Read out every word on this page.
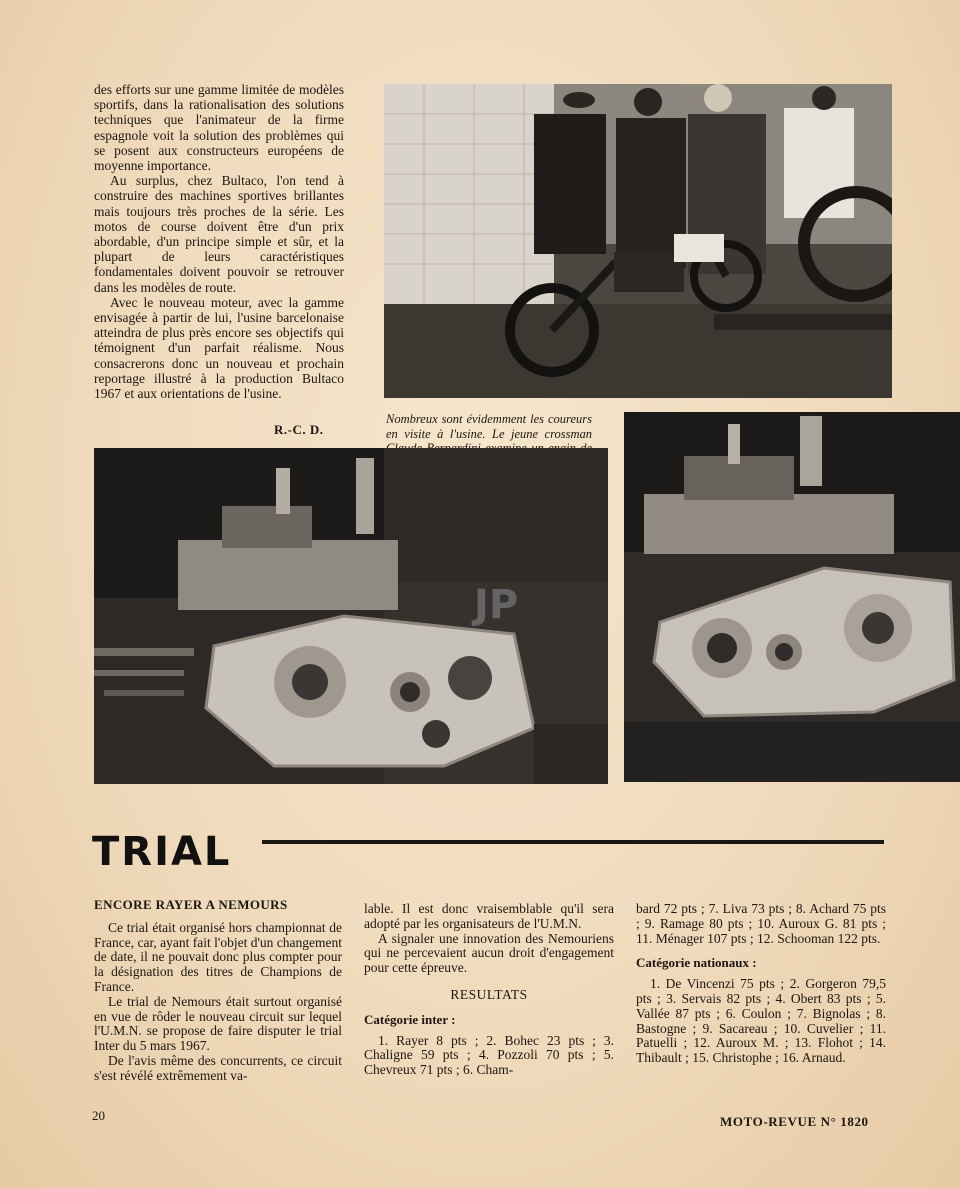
des efforts sur une gamme limitée de modèles sportifs, dans la rationalisation des solutions techniques que l'animateur de la firme espagnole voit la solution des problèmes qui se posent aux constructeurs européens de moyenne importance.

Au surplus, chez Bultaco, l'on tend à construire des machines sportives brillantes mais toujours très proches de la série. Les motos de course doivent être d'un prix abordable, d'un principe simple et sûr, et la plupart de leurs caractéristiques fondamentales doivent pouvoir se retrouver dans les modèles de route.

Avec le nouveau moteur, avec la gamme envisagée à partir de lui, l'usine barcelonaise atteindra de plus près encore ses objectifs qui témoignent d'un parfait réalisme. Nous consacrerons donc un nouveau et prochain reportage illustré à la production Bultaco 1967 et aux orientations de l'usine.

R.-C. D.

Nombreux sont évidemment les coureurs en visite à l'usine. Le jeune crossman

JP
TRIAL
ENCORE RAYER A NEMOURS

Ce trial était organisé hors championnat de France, car, ayant fait l'objet d'un changement de date, il ne pouvait donc plus compter pour la désignation des titres de Champions de France.

Le trial de Nemours était surtout organisé en vue de rôder le nouveau circuit sur lequel l'U.M.N. se propose de faire disputer le trial Inter du 5 mars 1967.

De l'avis même des concurrents, ce circuit s'est révélé extrêmement va-

lable. Il est donc vraisemblable qu'il sera adopté par les organisateurs de l'U.M.N.

A signaler une innovation des Nemouriens qui ne percevaient aucun droit d'engagement pour cette épreuve.

RESULTATS

Catégorie inter :

1. Rayer 8 pts ; 2. Bohec 23 pts ; 3. Chaligne 59 pts ; 4. Pozzoli 70 pts ; 5. Chevreux 71 pts ; 6. Cham-

bard 72 pts ; 7. Liva 73 pts ; 8. Achard 75 pts ; 9. Ramage 80 pts ; 10. Auroux G. 81 pts ; 11. Ménager 107 pts ; 12. Schooman 122 pts.

Catégorie nationaux :

1. De Vincenzi 75 pts ; 2. Gorgeron 79,5 pts ; 3. Servais 82 pts ; 4. Obert 83 pts ; 5. Vallée 87 pts ; 6. Coulon ; 7. Bignolas ; 8. Bastogne ; 9. Sacareau ; 10. Cuvelier ; 11. Patuelli ; 12. Auroux M. ; 13. Flohot ; 14. Thibault ; 15. Christophe ; 16. Arnaud.

20	MOTO-REVUE N° 1820
